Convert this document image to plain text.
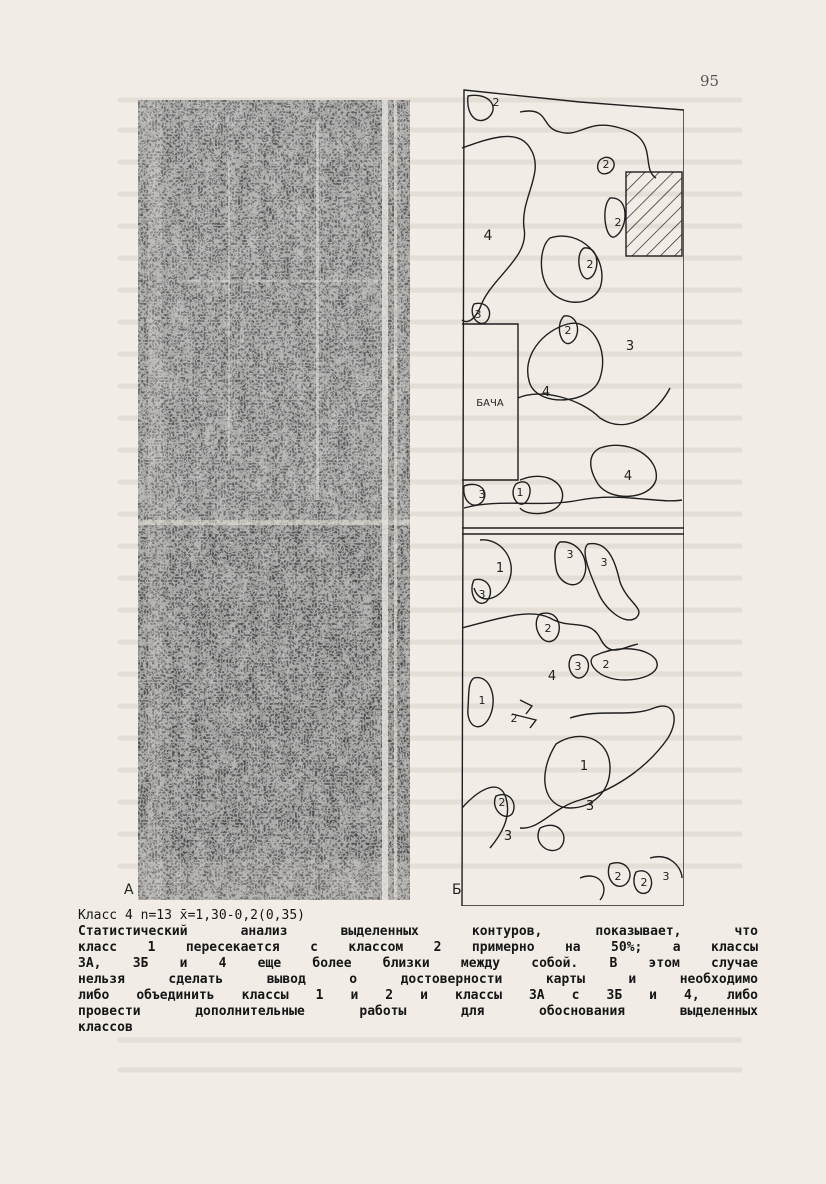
95
2
2
4
2
2
2
3
3
4
БАЧА
4
3	1
1
3
3
3
2
3 2
4
1
2
1
2	3
3
2 2 3
А	Б

Класс 4 n=13 x̄=1,30-0,2(0,35)

Статистический анализ выделенных контуров, показывает, что

класс 1 пересекается с классом 2 примерно на 50%; а классы

3А, 3Б и 4 еще более близки между собой. В этом случае

нельзя сделать вывод о достоверности карты и необходимо

либо объединить классы 1 и 2 и классы 3А с 3Б и 4, либо

провести дополнительные работы для обоснования выделенных

классов
